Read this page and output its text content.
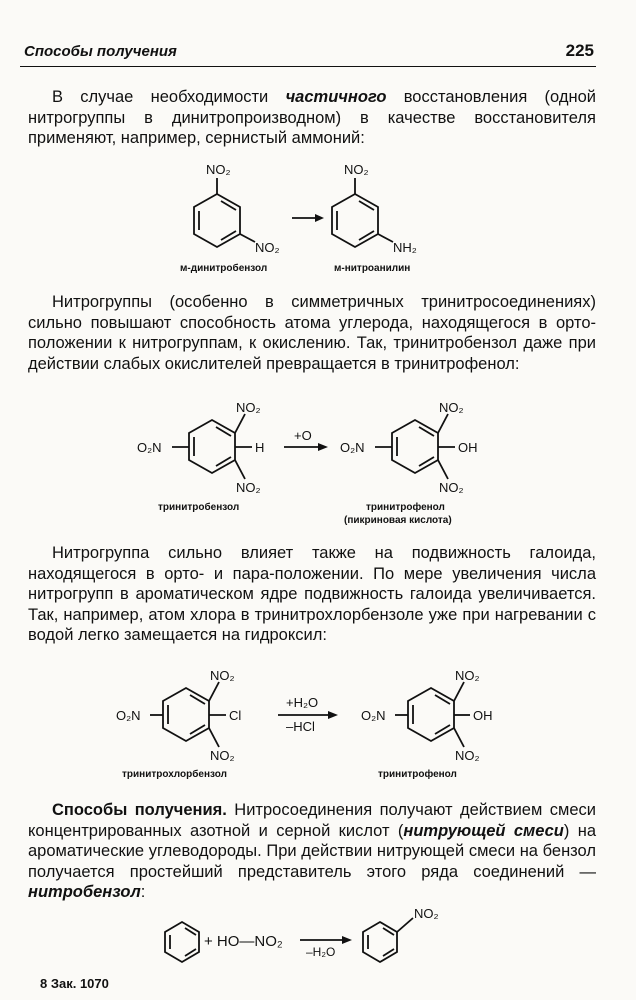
Способы получения	225

В случае необходимости частичного восстановления (одной нитрогруппы в динитропроизводном) в качестве восстановителя применяют, например, сернистый аммоний:

NO₂
NO₂
NO₂
NH₂
м-динитробензол	м-нитроанилин

Нитрогруппы (особенно в симметричных тринитросоединениях) сильно повышают способность атома углерода, находящегося в орто-положении к нитрогруппам, к окислению. Так, тринитробензол даже при действии слабых окислителей превращается в тринитрофенол:

+O
NO₂
NO₂
O₂N	H
NO₂
NO₂
O₂N	OH
тринитробензол	тринитрофенол
(пикриновая кислота)

Нитрогруппа сильно влияет также на подвижность галоида, находящегося в орто- и пара-положении. По мере увеличения числа нитрогрупп в ароматическом ядре подвижность галоида увеличивается. Так, например, атом хлора в тринитрохлорбензоле уже при нагревании с водой легко замещается на гидроксил:

+H₂O
–HCl
NO₂
NO₂
O₂N	Cl
NO₂
NO₂
O₂N	OH
тринитрохлорбензол	тринитрофенол

Способы получения. Нитросоединения получают действием смеси концентрированных азотной и серной кислот (нитрующей смеси) на ароматические углеводороды. При действии нитрующей смеси на бензол получается простейший представитель этого ряда соединений — нитробензол:

+ HO—NO₂
–H₂O
NO₂
8 Зак. 1070
